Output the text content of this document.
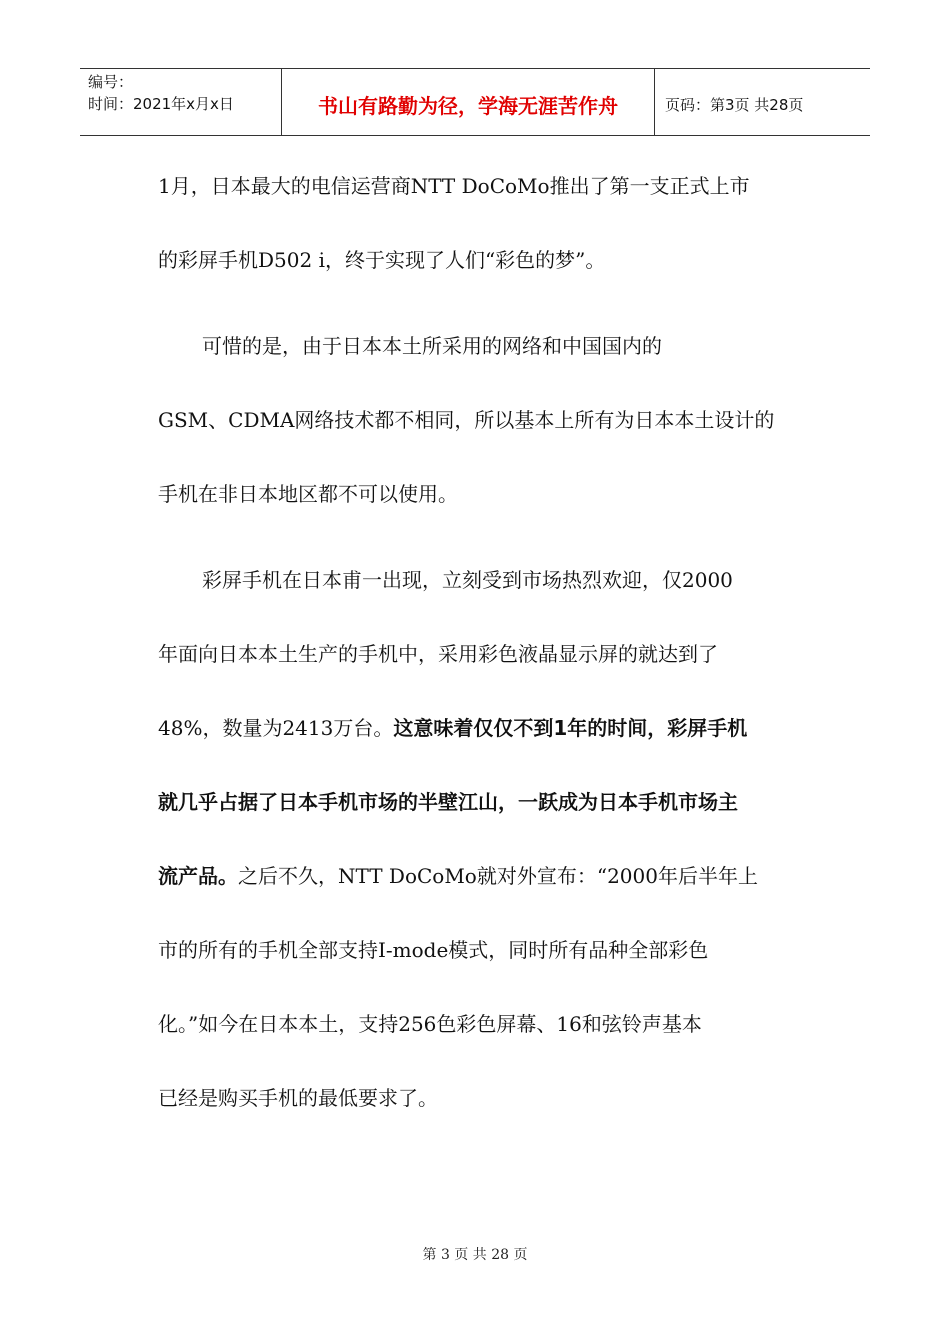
编号：
时间：2021年x月x日	书山有路勤为径，学海无涯苦作舟	页码：第3页 共28页
1月，日本最大的电信运营商NTT DoCoMo推出了第一支正式上市
的彩屏手机D502 i，终于实现了人们“彩色的梦”。
可惜的是，由于日本本土所采用的网络和中国国内的
GSM、CDMA网络技术都不相同，所以基本上所有为日本本土设计的
手机在非日本地区都不可以使用。
彩屏手机在日本甫一出现，立刻受到市场热烈欢迎，仅2000
年面向日本本土生产的手机中，采用彩色液晶显示屏的就达到了
48%，数量为2413万台。这意味着仅仅不到1年的时间，彩屏手机
就几乎占据了日本手机市场的半壁江山，一跃成为日本手机市场主
流产品。之后不久，NTT DoCoMo就对外宣布：“2000年后半年上
市的所有的手机全部支持I-mode模式，同时所有品种全部彩色
化。”如今在日本本土，支持256色彩色屏幕、16和弦铃声基本
已经是购买手机的最低要求了。
第 3 页 共 28 页
